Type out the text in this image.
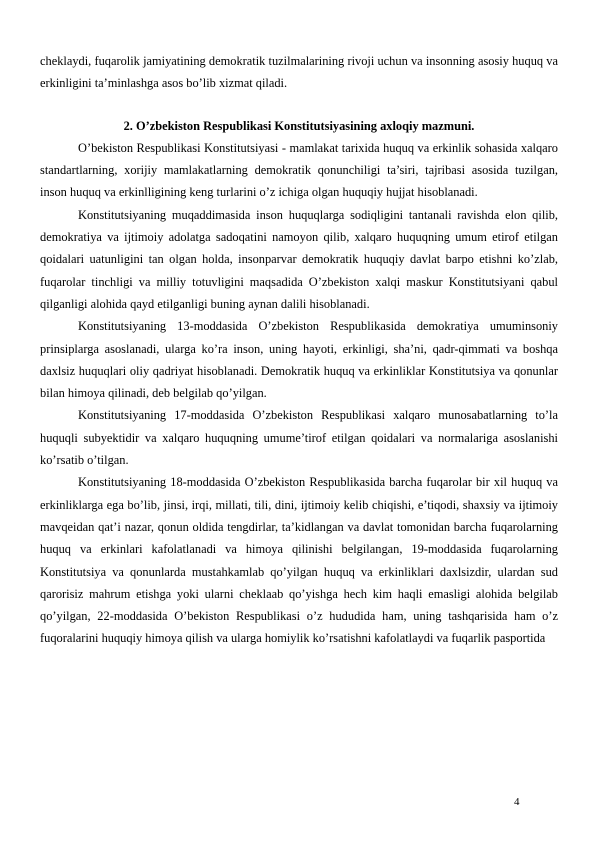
cheklaydi, fuqarolik jamiyatining demokratik tuzilmalarining rivoji uchun va insonning asosiy huquq va erkinligini ta’minlashga asos bo’lib xizmat qiladi.

2. O’zbekiston Respublikasi Konstitutsiyasining axloqiy mazmuni.

O’bekiston Respublikasi Konstitutsiyasi - mamlakat tarixida huquq va erkinlik sohasida xalqaro standartlarning, xorijiy mamlakatlarning demokratik qonunchiligi ta’siri, tajribasi asosida tuzilgan, inson huquq va erkinlligining keng turlarini o’z ichiga olgan huquqiy hujjat hisoblanadi.

Konstitutsiyaning muqaddimasida inson huquqlarga sodiqligini tantanali ravishda elon qilib, demokratiya va ijtimoiy adolatga sadoqatini namoyon qilib, xalqaro huquqning umum etirof etilgan qoidalari uatunligini tan olgan holda, insonparvar demokratik huquqiy davlat barpo etishni ko’zlab, fuqarolar tinchligi va milliy totuvligini maqsadida O’zbekiston xalqi maskur Konstitutsiyani qabul qilganligi alohida qayd etilganligi buning aynan dalili hisoblanadi.

Konstitutsiyaning 13-moddasida O’zbekiston Respublikasida demokratiya umuminsoniy prinsiplarga asoslanadi, ularga ko’ra inson, uning hayoti, erkinligi, sha’ni, qadr-qimmati va boshqa daxlsiz huquqlari oliy qadriyat hisoblanadi. Demokratik huquq va erkinliklar Konstitutsiya va qonunlar bilan himoya qilinadi, deb belgilab qo’yilgan.

Konstitutsiyaning 17-moddasida O’zbekiston Respublikasi xalqaro munosabatlarning to’la huquqli subyektidir va xalqaro huquqning umume’tirof etilgan qoidalari va normalariga asoslanishi ko’rsatib o’tilgan.

Konstitutsiyaning 18-moddasida O’zbekiston Respublikasida barcha fuqarolar bir xil huquq va erkinliklarga ega bo’lib, jinsi, irqi, millati, tili, dini, ijtimoiy kelib chiqishi, e’tiqodi, shaxsiy va ijtimoiy mavqeidan qat’i nazar, qonun oldida tengdirlar, ta’kidlangan va davlat tomonidan barcha fuqarolarning huquq va erkinlari kafolatlanadi va himoya qilinishi belgilangan, 19-moddasida fuqarolarning Konstitutsiya va qonunlarda mustahkamlab qo’yilgan huquq va erkinliklari daxlsizdir, ulardan sud qarorisiz mahrum etishga yoki ularni cheklaab qo’yishga hech kim haqli emasligi alohida belgilab qo’yilgan, 22-moddasida O’bekiston Respublikasi o’z hududida ham, uning tashqarisida ham o’z fuqoralarini huquqiy himoya qilish va ularga homiylik ko’rsatishni kafolatlaydi va fuqarlik pasportida

4
